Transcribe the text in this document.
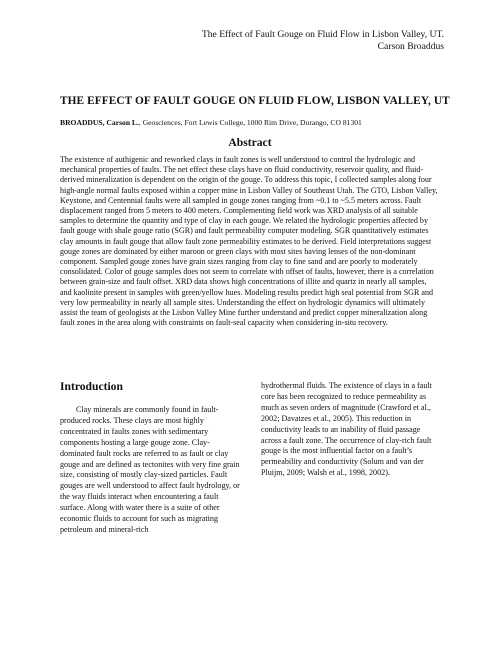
The Effect of Fault Gouge on Fluid Flow in Lisbon Valley, UT.
Carson Broaddus
THE EFFECT OF FAULT GOUGE ON FLUID FLOW, LISBON VALLEY, UT

BROADDUS, Carson L., Geosciences, Fort Lewis College, 1000 Rim Drive, Durango, CO 81301

Abstract

The existence of authigenic and reworked clays in fault zones is well understood to control the hydrologic and mechanical properties of faults. The net effect these clays have on fluid conductivity, reservoir quality, and fluid-derived mineralization is dependent on the origin of the gouge. To address this topic, I collected samples along four high-angle normal faults exposed within a copper mine in Lisbon Valley of Southeast Utah. The GTO, Lisbon Valley, Keystone, and Centennial faults were all sampled in gouge zones ranging from ~0.1 to ~5.5 meters across. Fault displacement ranged from 5 meters to 400 meters. Complementing field work was XRD analysis of all suitable samples to determine the quantity and type of clay in each gouge. We related the hydrologic properties affected by fault gouge with shale gouge ratio (SGR) and fault permeability computer modeling. SGR quantitatively estimates clay amounts in fault gouge that allow fault zone permeability estimates to be derived. Field interpretations suggest gouge zones are dominated by either maroon or green clays with most sites having lenses of the non-dominant component. Sampled gouge zones have grain sizes ranging from clay to fine sand and are poorly to moderately consolidated. Color of gouge samples does not seem to correlate with offset of faults, however, there is a correlation between grain-size and fault offset. XRD data shows high concentrations of illite and quartz in nearly all samples, and kaolinite present in samples with green/yellow hues. Modeling results predict high seal potential from SGR and very low permeability in nearly all sample sites. Understanding the effect on hydrologic dynamics will ultimately assist the team of geologists at the Lisbon Valley Mine further understand and predict copper mineralization along fault zones in the area along with constraints on fault-seal capacity when considering in-situ recovery.

Introduction

Clay minerals are commonly found in fault-produced rocks. These clays are most highly concentrated in faults zones with sedimentary components hosting a large gouge zone. Clay-dominated fault rocks are referred to as fault or clay gouge and are defined as tectonites with very fine grain size, consisting of mostly clay-sized particles. Fault gouges are well understood to affect fault hydrology, or the way fluids interact when encountering a fault surface. Along with water there is a suite of other economic fluids to account for such as migrating petroleum and mineral-rich

hydrothermal fluids. The existence of clays in a fault core has been recognized to reduce permeability as much as seven orders of magnitude (Crawford et al., 2002; Davatzes et al., 2005). This reduction in conductivity leads to an inability of fluid passage across a fault zone. The occurrence of clay-rich fault gouge is the most influential factor on a fault’s permeability and conductivity (Solum and van der Pluijm, 2009; Walsh et al., 1998, 2002).
